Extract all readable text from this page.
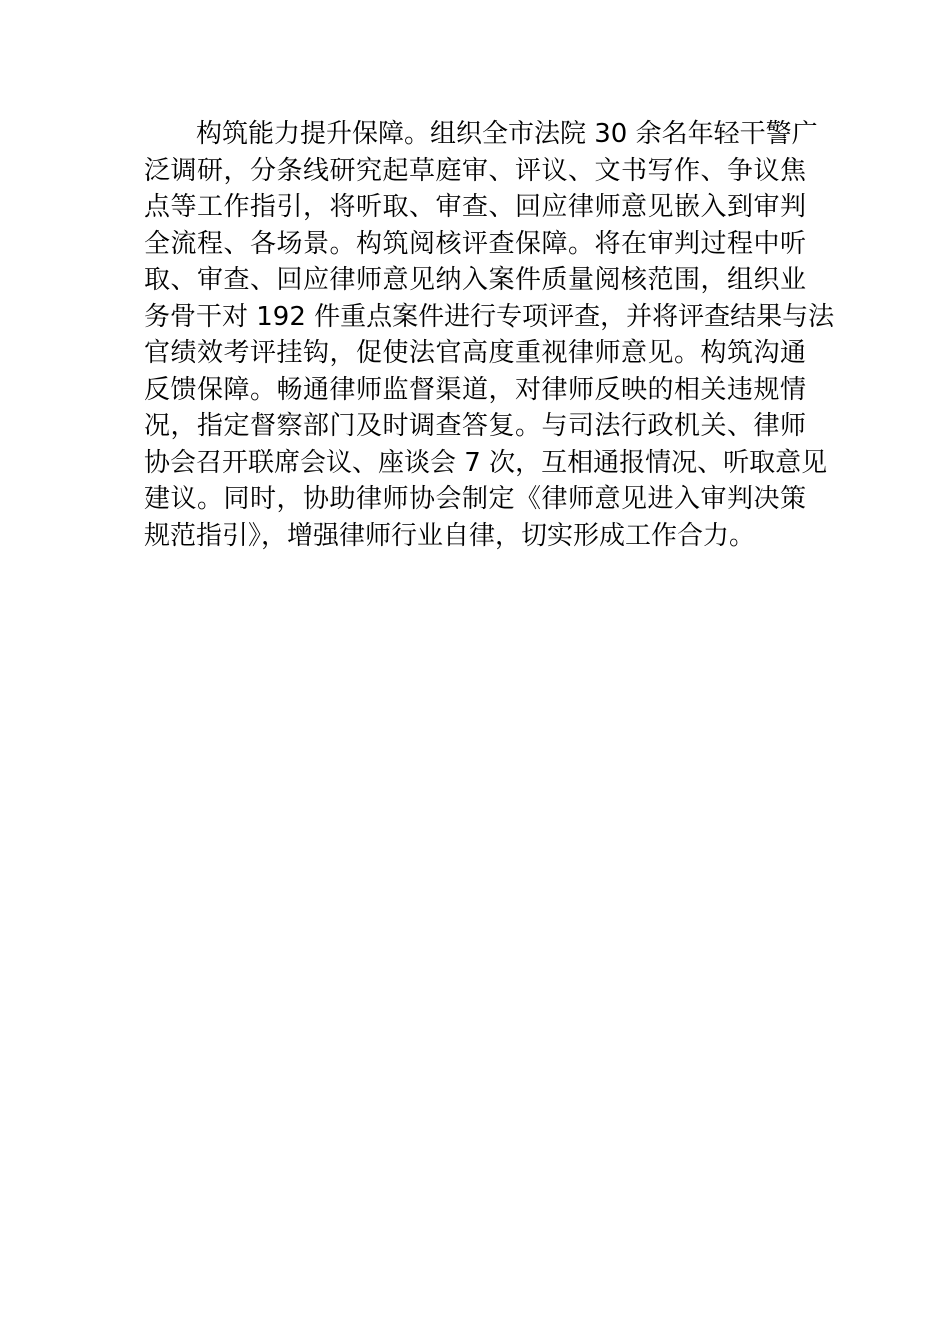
构筑能力提升保障。组织全市法院 30 余名年轻干警广
泛调研，分条线研究起草庭审、评议、文书写作、争议焦
点等工作指引，将听取、审查、回应律师意见嵌入到审判
全流程、各场景。构筑阅核评查保障。将在审判过程中听
取、审查、回应律师意见纳入案件质量阅核范围，组织业
务骨干对 192 件重点案件进行专项评查，并将评查结果与法
官绩效考评挂钩，促使法官高度重视律师意见。构筑沟通
反馈保障。畅通律师监督渠道，对律师反映的相关违规情
况，指定督察部门及时调查答复。与司法行政机关、律师
协会召开联席会议、座谈会 7 次，互相通报情况、听取意见
建议。同时，协助律师协会制定《律师意见进入审判决策
规范指引》，增强律师行业自律，切实形成工作合力。
